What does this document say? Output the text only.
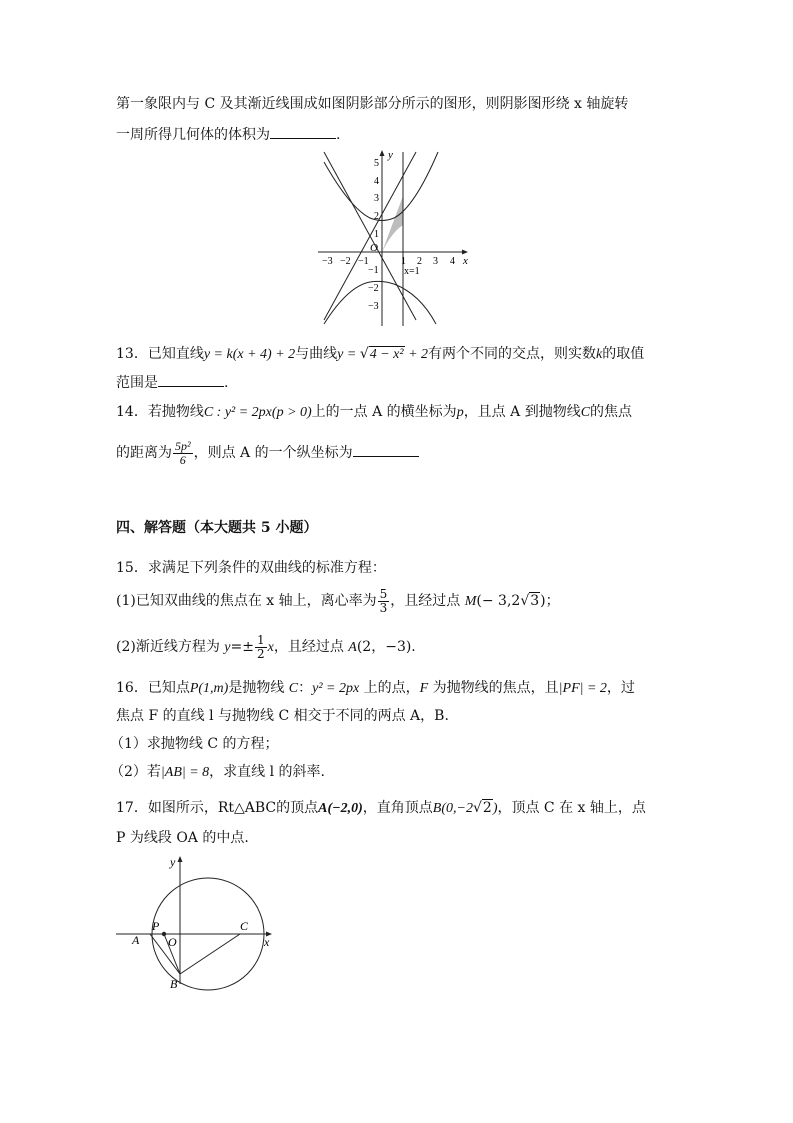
第一象限内与 C 及其渐近线围成如图阴影部分所示的图形，则阴影图形绕 x 轴旋转
一周所得几何体的体积为	.
y
x
O
x=1
−3 −2 −1	1 2 3 4
5
4
3
2
1
−1
−2
−3
13．已知直线y = k(x + 4) + 2与曲线y = √4 − x² + 2有两个不同的交点，则实数k的取值
范围是	.
14．若抛物线C : y² = 2px(p > 0)上的一点 A 的横坐标为p，且点 A 到抛物线C的焦点
的距离为 $\frac{\text{5p²}}{6}$ ，则点 A 的一个纵坐标为
四、解答题（本大题共 5 小题）
15．求满足下列条件的双曲线的标准方程：
(1)已知双曲线的焦点在 x 轴上，离心率为 $\frac{5}{3}$ ，且经过点 M(− 3,2√3)；
(2)渐近线方程为 $y=\pm \frac{1}{2}$ x，且经过点 A(2，−3).
16．已知点P(1,m)是抛物线 C：y² = 2px 上的点，F 为抛物线的焦点，且|PF| = 2，过
焦点 F 的直线 l 与抛物线 C 相交于不同的两点 A，B.
（1）求抛物线 C 的方程；
（2）若|AB| = 8，求直线 l 的斜率.
17．如图所示，Rt△ABC的顶点A(−2,0)，直角顶点B(0,−2√2)，顶点 C 在 x 轴上，点
P 为线段 OA 的中点.
y
x
P
A O
C
B
